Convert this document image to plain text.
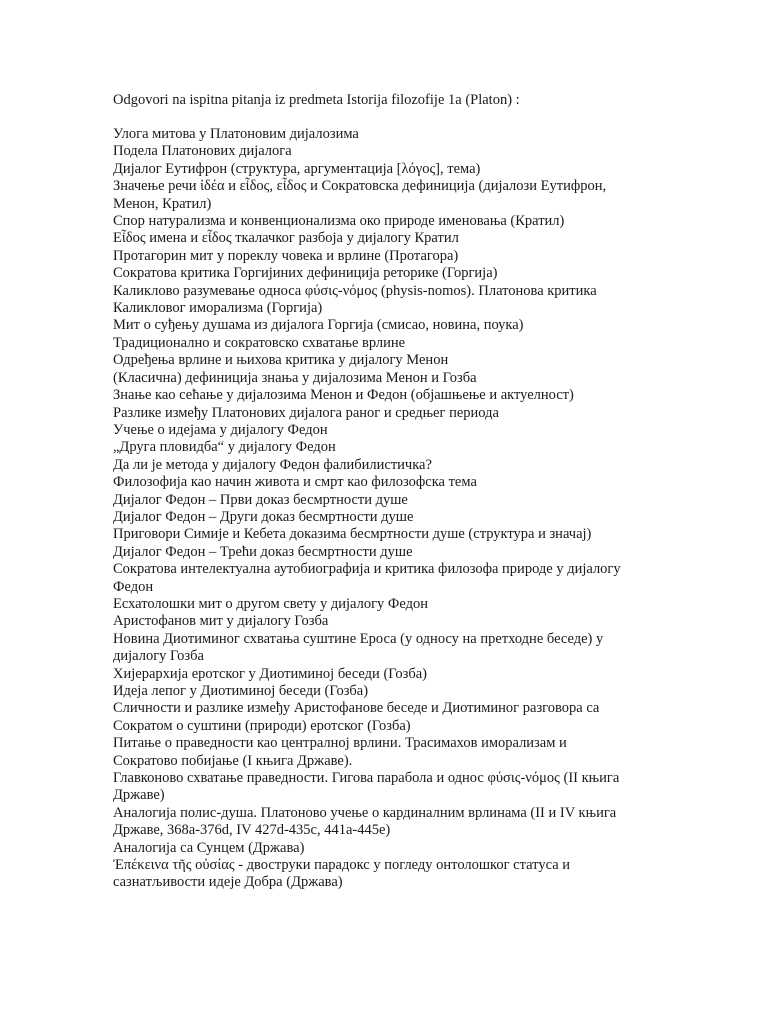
Odgovori na ispitna pitanja iz predmeta Istorija filozofije 1a (Platon) :
Улога митова у Платоновим дијалозима
Подела Платонових дијалога
Дијалог Еутифрон (структура, аргументација [λόγος], тема)
Значење речи ἰδέα и εἶδος, εἶδος и Сократовска дефиниција (дијалози Еутифрон,
Менон, Кратил)
Спор натурализма и конвенционализма око природе именовања (Кратил)
Εἶδος имена и εἶδος ткалачког разбоја у дијалогу Кратил
Протагорин мит у пореклу човека и врлине (Протагора)
Сократова критика Горгијиних дефиниција реторике (Горгија)
Каликлово разумевање односа φύσις-νόμος (physis-nomos). Платонова критика
Каликловог иморализма (Горгија)
Мит о суђењу душама из дијалога Горгија (смисао, новина, поука)
Традиционално и сократовско схватање врлине
Одређења врлине и њихова критика у дијалогу Менон
(Класична) дефиниција знања у дијалозима Менон и Гозба
Знање као сећање у дијалозима Менон и Федон (објашњење и актуелност)
Разлике између Платонових дијалога раног и средњег периода
Учење о идејама у дијалогу Федон
„Друга пловидба“ у дијалогу Федон
Да ли је метода у дијалогу Федон фалибилистичка?
Филозофија као начин живота и смрт као филозофска тема
Дијалог Федон – Први доказ бесмртности душе
Дијалог Федон – Други доказ бесмртности душе
Приговори Симије и Кебета доказима бесмртности душе (структура и значај)
Дијалог Федон – Трећи доказ бесмртности душе
Сократова интелектуална аутобиографија и критика филозофа природе у дијалогу
Федон
Есхатолошки мит о другом свету у дијалогу Федон
Аристофанов мит у дијалогу Гозба
Новина Диотиминог схватања суштине Ероса (у односу на претходне беседе) у
дијалогу Гозба
Хијерархија еротског у Диотиминој беседи (Гозба)
Идеја лепог у Диотиминој беседи (Гозба)
Сличности и разлике између Аристофанове беседе и Диотиминог разговора са
Сократом о суштини (природи) еротског (Гозба)
Питање о праведности као централној врлини. Трасимахов иморализам и
Сократово побијање (I књига Државе).
Главконово схватање праведности. Гигова парабола и однос φύσις-νόμος (II књига
Државе)
Аналогија полис-душа. Платоново учење о кардиналним врлинама (II и IV књига
Државе, 368a-376d, IV 427d-435c, 441a-445e)
Аналогија са Сунцем (Држава)
Ἐπέκεινα τῆς οὐσίας - двоструки парадокс у погледу онтолошког статуса и
сазнатљивости идеје Добра (Држава)
